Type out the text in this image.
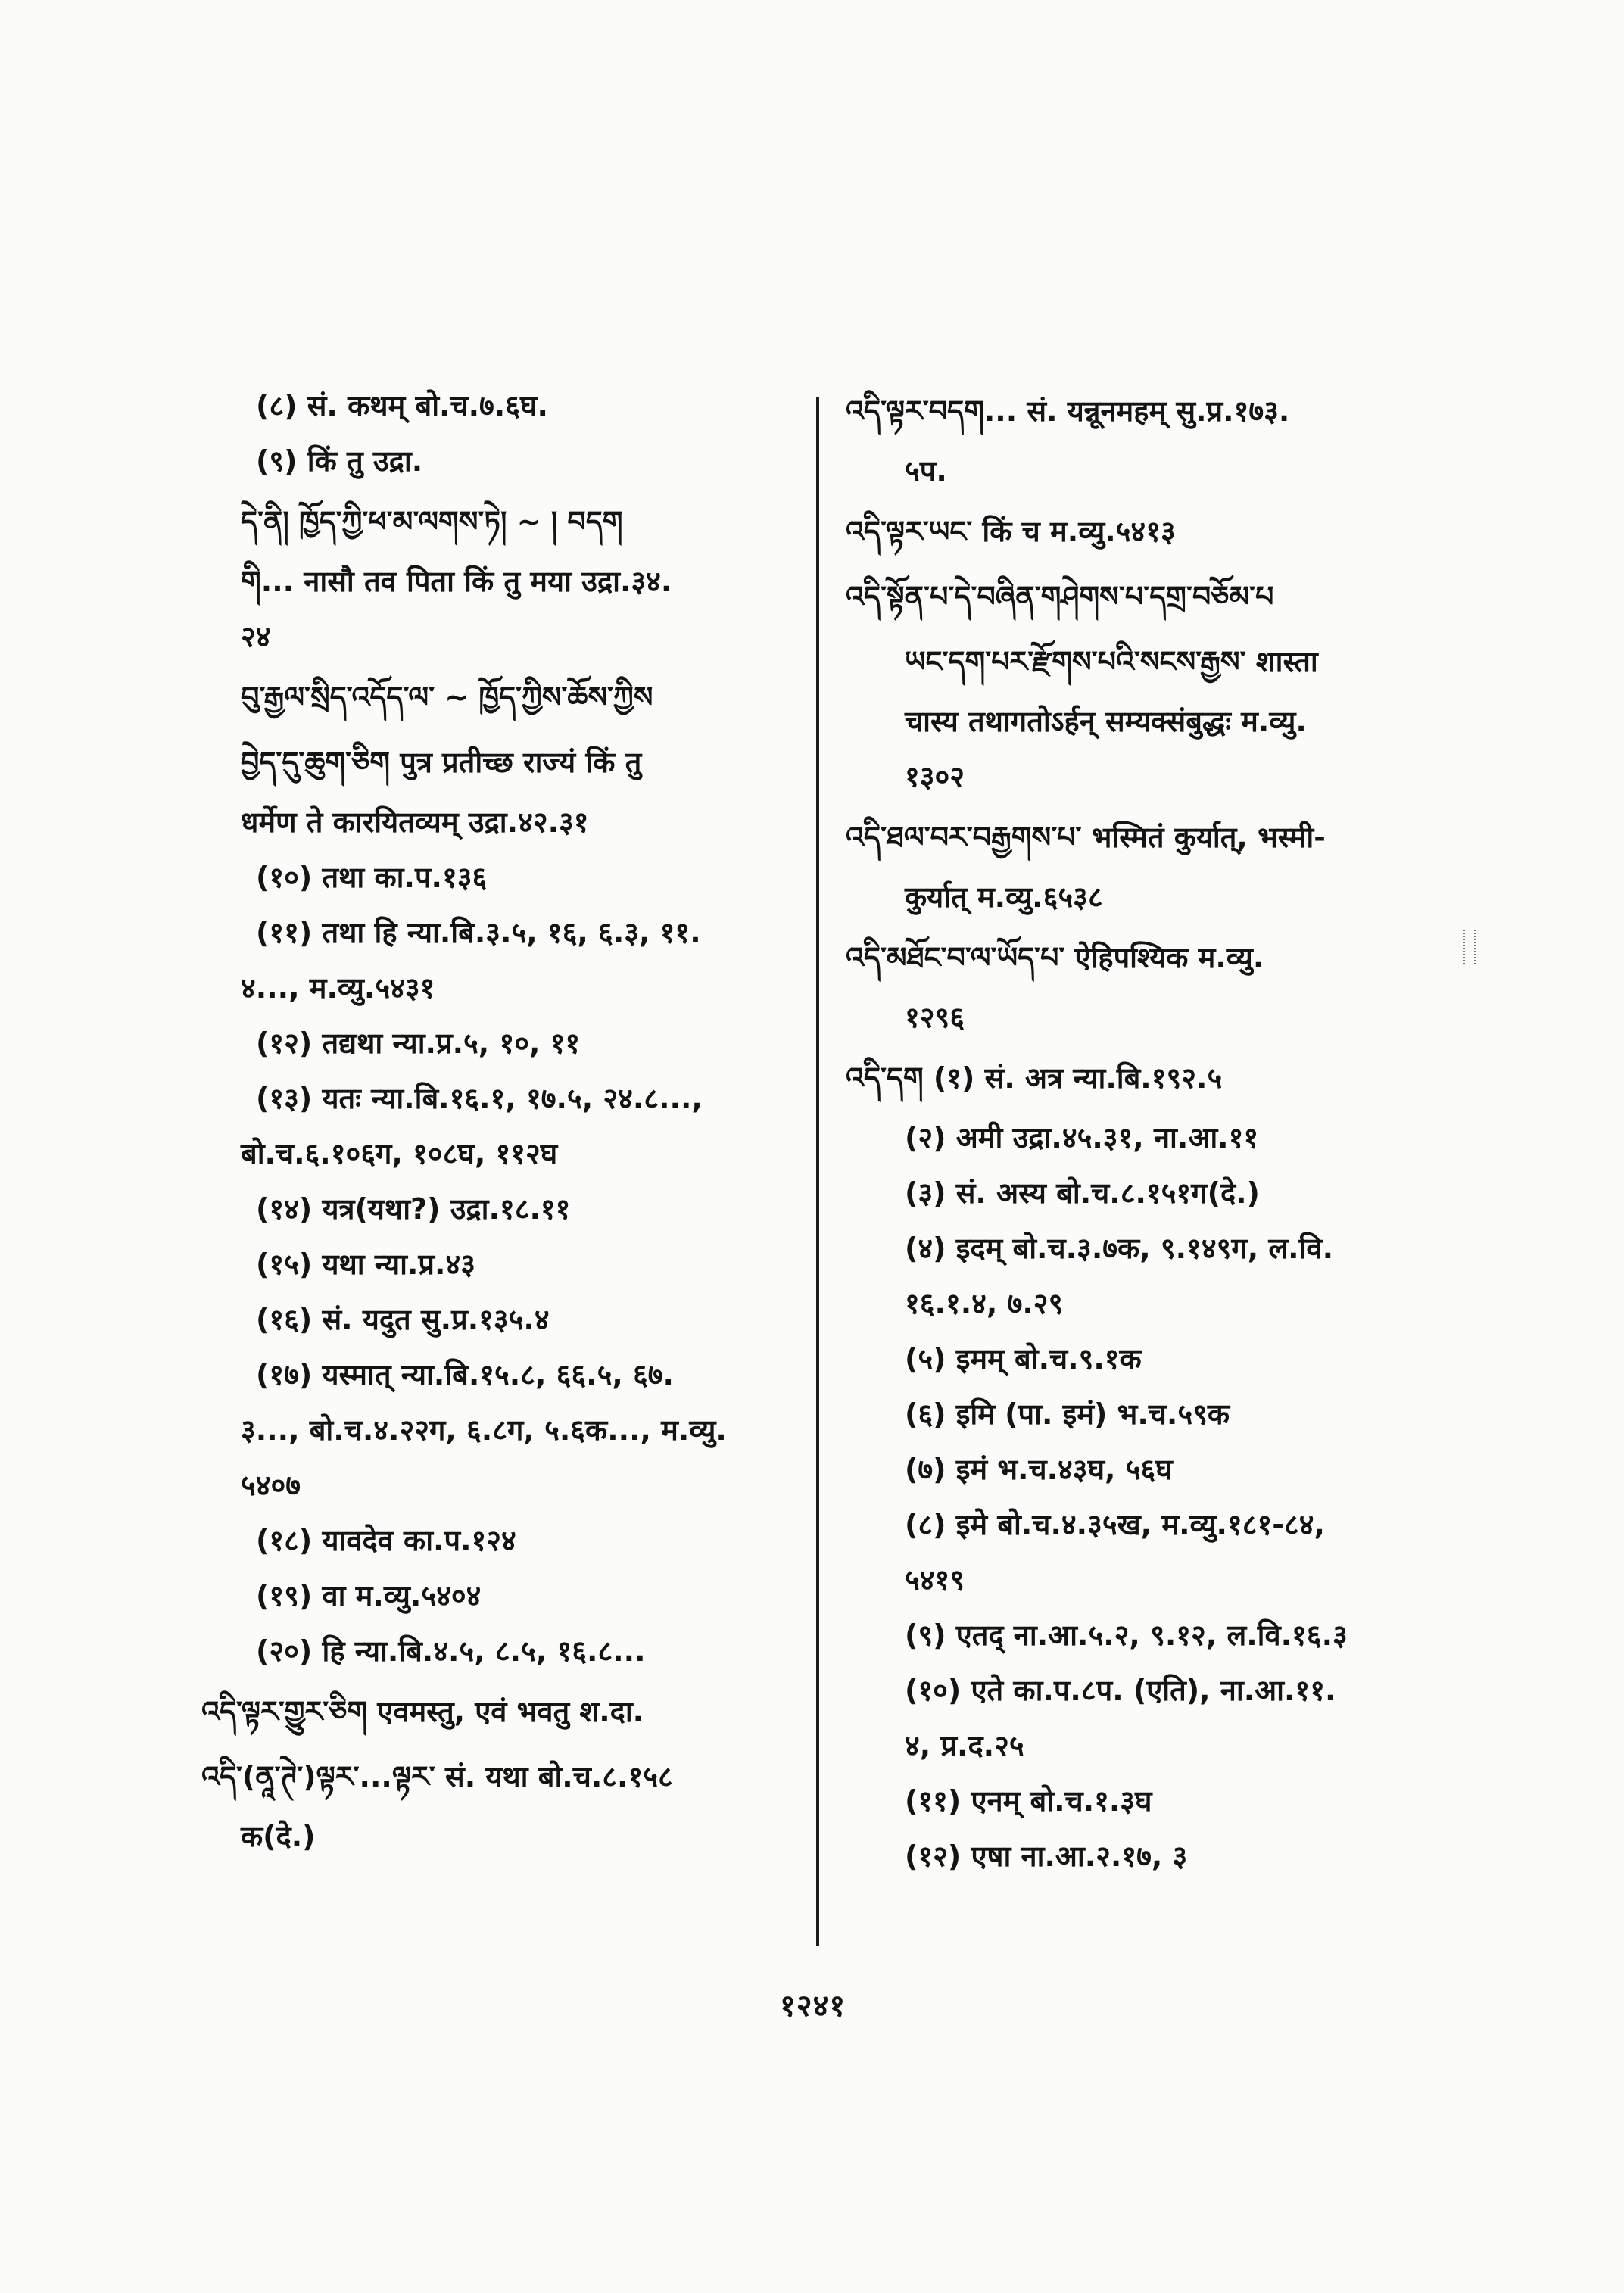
(८) सं. कथम् बो.च.७.६घ.
(९) किं तु उद्रा.
དེ་ནི། ཁྱོད་ཀྱི་ཕ་མ་ལགས་ཏེ། ~ ། བདག
གི... नासौ तव पिता किं तु मया उद्रा.३४.
२४
བུ་རྒྱལ་སྲིད་འདོད་ལ་ ~ ཁྱོད་ཀྱིས་ཆོས་ཀྱིས
བྱེད་དུ་ཆུག་ཅིག पुत्र प्रतीच्छ राज्यं किं तु
धर्मेण ते कारयितव्यम् उद्रा.४२.३१
(१०) तथा का.प.१३६
(११) तथा हि न्या.बि.३.५, १६, ६.३, ११.
४..., म.व्यु.५४३१
(१२) तद्यथा न्या.प्र.५, १०, ११
(१३) यतः न्या.बि.१६.१, १७.५, २४.८...,
बो.च.६.१०६ग, १०८घ, ११२घ
(१४) यत्र(यथा?) उद्रा.१८.११
(१५) यथा न्या.प्र.४३
(१६) सं. यदुत सु.प्र.१३५.४
(१७) यस्मात् न्या.बि.१५.८, ६६.५, ६७.
३..., बो.च.४.२२ग, ६.८ग, ५.६क..., म.व्यु.
५४०७
(१८) यावदेव का.प.१२४
(१९) वा म.व्यु.५४०४
(२०) हि न्या.बि.४.५, ८.५, १६.८...
འདི་ལྟར་གྱུར་ཅིག एवमस्तु, एवं भवतु श.दा.
འདི་(ནཱ་ཊེ་)ལྟར་...ལྟར་ सं. यथा बो.च.८.१५८
क(दे.)
འདི་ལྟར་བདག... सं. यन्नूनमहम् सु.प्र.१७३.
५प.
འདི་ལྟར་ཡང་ किं च म.व्यु.५४१३
འདི་སྟོན་པ་དེ་བཞིན་གཤེགས་པ་དགྲ་བཅོམ་པ
ཡང་དག་པར་རྫོགས་པའི་སངས་རྒྱས་ शास्ता
चास्य तथागतोऽर्हन् सम्यक्संबुद्धः म.व्यु.
१३०२
འདི་ཐལ་བར་བརྒྱགས་པ་ भस्मितं कुर्यात्, भस्मी-
कुर्यात् म.व्यु.६५३८
འདི་མཐོང་བ་ལ་ཡོད་པ་ ऐहिपश्यिक म.व्यु.
१२९६
འདི་དག (१) सं. अत्र न्या.बि.१९२.५
(२) अमी उद्रा.४५.३१, ना.आ.११
(३) सं. अस्य बो.च.८.१५१ग(दे.)
(४) इदम् बो.च.३.७क, ९.१४९ग, ल.वि.
१६.१.४, ७.२९
(५) इमम् बो.च.९.१क
(६) इमि (पा. इमं) भ.च.५९क
(७) इमं भ.च.४३घ, ५६घ
(८) इमे बो.च.४.३५ख, म.व्यु.१८१-८४,
५४१९
(९) एतद् ना.आ.५.२, ९.१२, ल.वि.१६.३
(१०) एते का.प.८प. (एति), ना.आ.११.
४, प्र.द.२५
(११) एनम् बो.च.१.३घ
(१२) एषा ना.आ.२.१७, ३
१२४१
